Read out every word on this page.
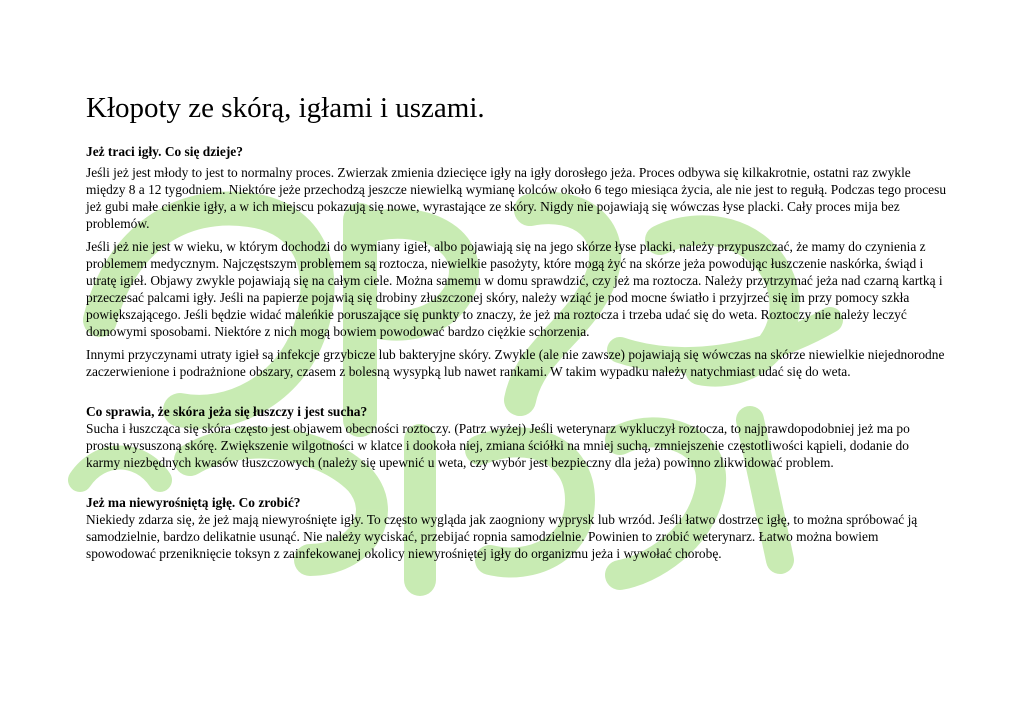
Kłopoty ze skórą, igłami i uszami.
Jeż traci igły. Co się dzieje?

Jeśli jeż jest młody to jest to normalny proces. Zwierzak zmienia dziecięce igły na igły dorosłego jeża. Proces odbywa się kilkakrotnie, ostatni raz zwykle między 8 a 12 tygodniem. Niektóre jeże przechodzą jeszcze niewielką wymianę kolców około 6 tego miesiąca życia, ale nie jest to regułą. Podczas tego procesu jeż gubi małe cienkie igły, a w ich miejscu pokazują się nowe, wyrastające ze skóry. Nigdy nie pojawiają się wówczas łyse placki. Cały proces mija bez problemów.

Jeśli jeż nie jest w wieku, w którym dochodzi do wymiany igieł, albo pojawiają się na jego skórze łyse placki, należy przypuszczać, że mamy do czynienia z problemem medycznym. Najczęstszym problemem są roztocza, niewielkie pasożyty, które mogą żyć na skórze jeża powodując łuszczenie naskórka, świąd i utratę igieł. Objawy zwykle pojawiają się na całym ciele. Można samemu w domu sprawdzić, czy jeż ma roztocza. Należy przytrzymać jeża nad czarną kartką i przeczesać palcami igły. Jeśli na papierze pojawią się drobiny złuszczonej skóry, należy wziąć je pod mocne światło i przyjrzeć się im przy pomocy szkła powiększającego. Jeśli będzie widać maleńkie poruszające się punkty to znaczy, że jeż ma roztocza i trzeba udać się do weta. Roztoczy nie należy leczyć domowymi sposobami. Niektóre z nich mogą bowiem powodować bardzo ciężkie schorzenia.

Innymi przyczynami utraty igieł są infekcje grzybicze lub bakteryjne skóry. Zwykle (ale nie zawsze) pojawiają się wówczas na skórze niewielkie niejednorodne zaczerwienione i podrażnione obszary, czasem z bolesną wysypką lub nawet rankami. W takim wypadku należy natychmiast udać się do weta.

Co sprawia, że skóra jeża się łuszczy i jest sucha?

Sucha i łuszcząca się skóra często jest objawem obecności roztoczy. (Patrz wyżej) Jeśli weterynarz wykluczył roztocza, to najprawdopodobniej jeż ma po prostu wysuszoną skórę. Zwiększenie wilgotności w klatce i dookoła niej, zmiana ściółki na mniej suchą, zmniejszenie częstotliwości kąpieli, dodanie do karmy niezbędnych kwasów tłuszczowych (należy się upewnić u weta, czy wybór jest bezpieczny dla jeża) powinno zlikwidować problem.

Jeż ma niewyrośniętą igłę. Co zrobić?

Niekiedy zdarza się, że jeż mają niewyrośnięte igły. To często wygląda jak zaogniony wyprysk lub wrzód. Jeśli łatwo dostrzec igłę, to można spróbować ją samodzielnie, bardzo delikatnie usunąć. Nie należy wyciskać, przebijać ropnia samodzielnie. Powinien to zrobić weterynarz. Łatwo można bowiem spowodować przeniknięcie toksyn z zainfekowanej okolicy niewyrośniętej igły do organizmu jeża i wywołać chorobę.
